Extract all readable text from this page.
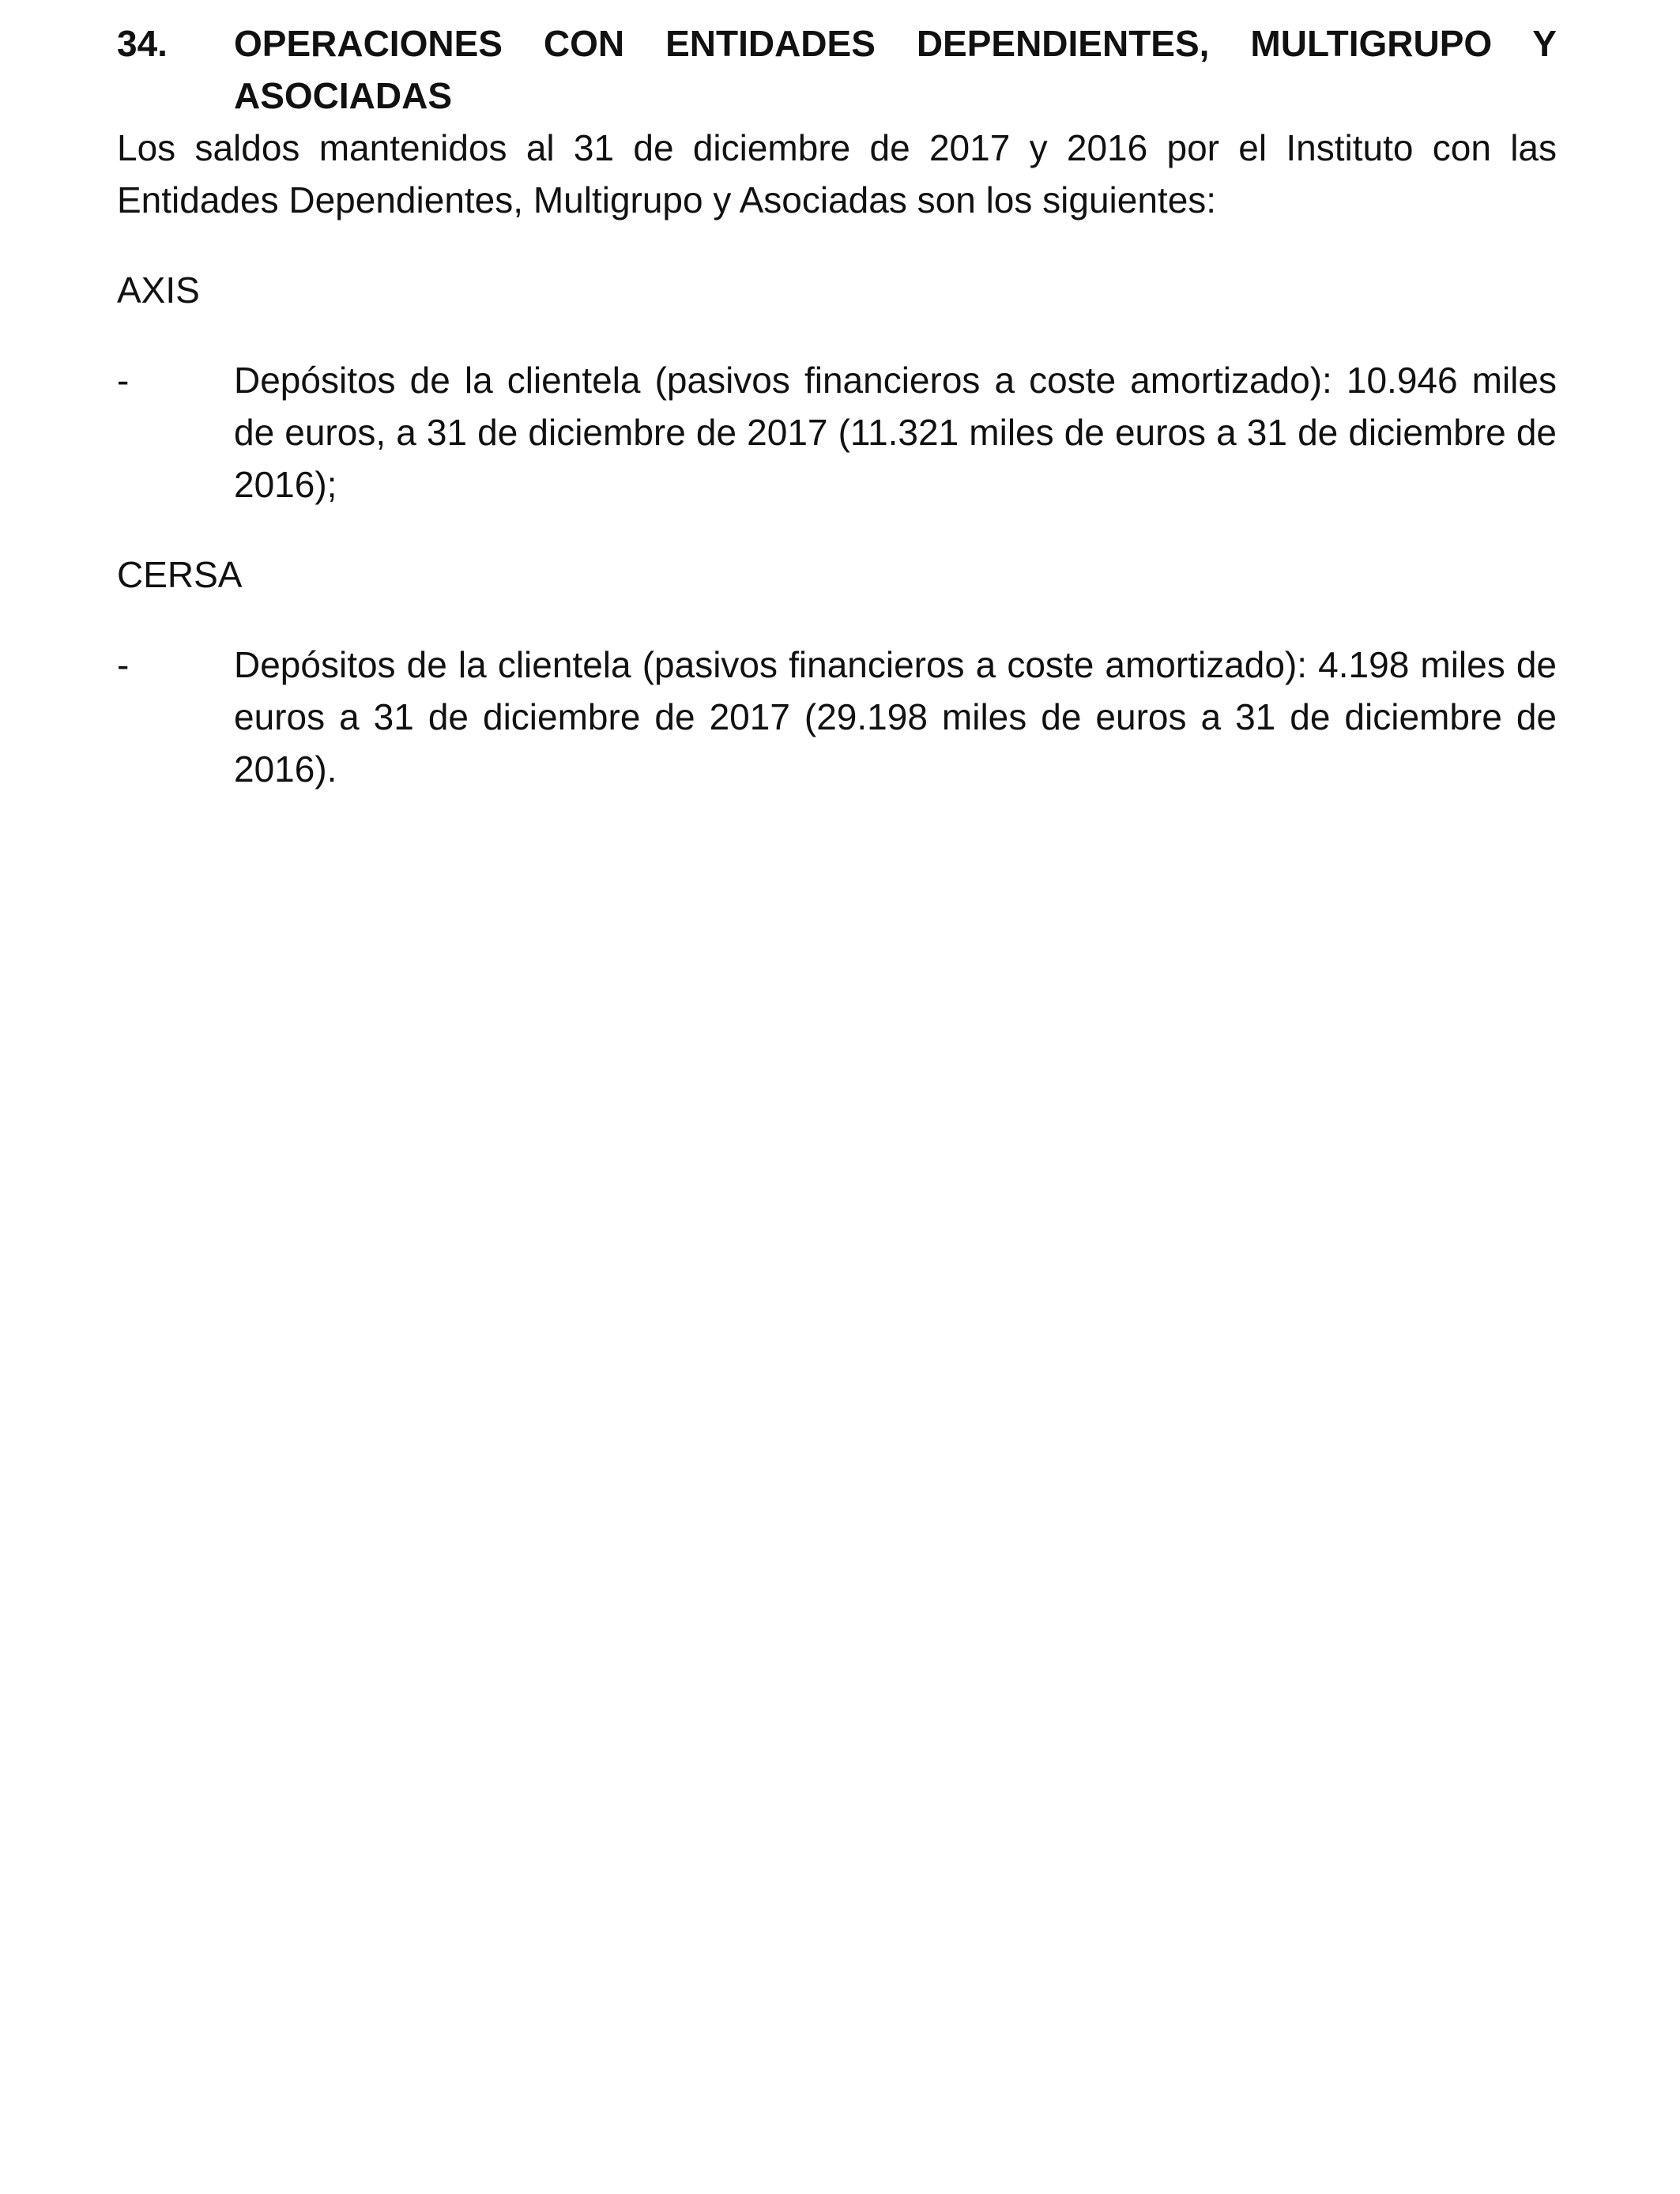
34.	OPERACIONES CON ENTIDADES DEPENDIENTES, MULTIGRUPO Y ASOCIADAS

Los saldos mantenidos al 31 de diciembre de 2017 y 2016 por el Instituto con las Entidades Dependientes, Multigrupo y Asociadas son los siguientes:

AXIS

-	Depósitos de la clientela (pasivos financieros a coste amortizado): 10.946 miles de euros, a 31 de diciembre de 2017 (11.321 miles de euros a 31 de diciembre de 2016);

CERSA

-	Depósitos de la clientela (pasivos financieros a coste amortizado): 4.198 miles de euros a 31 de diciembre de 2017 (29.198 miles de euros a 31 de diciembre de 2016).
